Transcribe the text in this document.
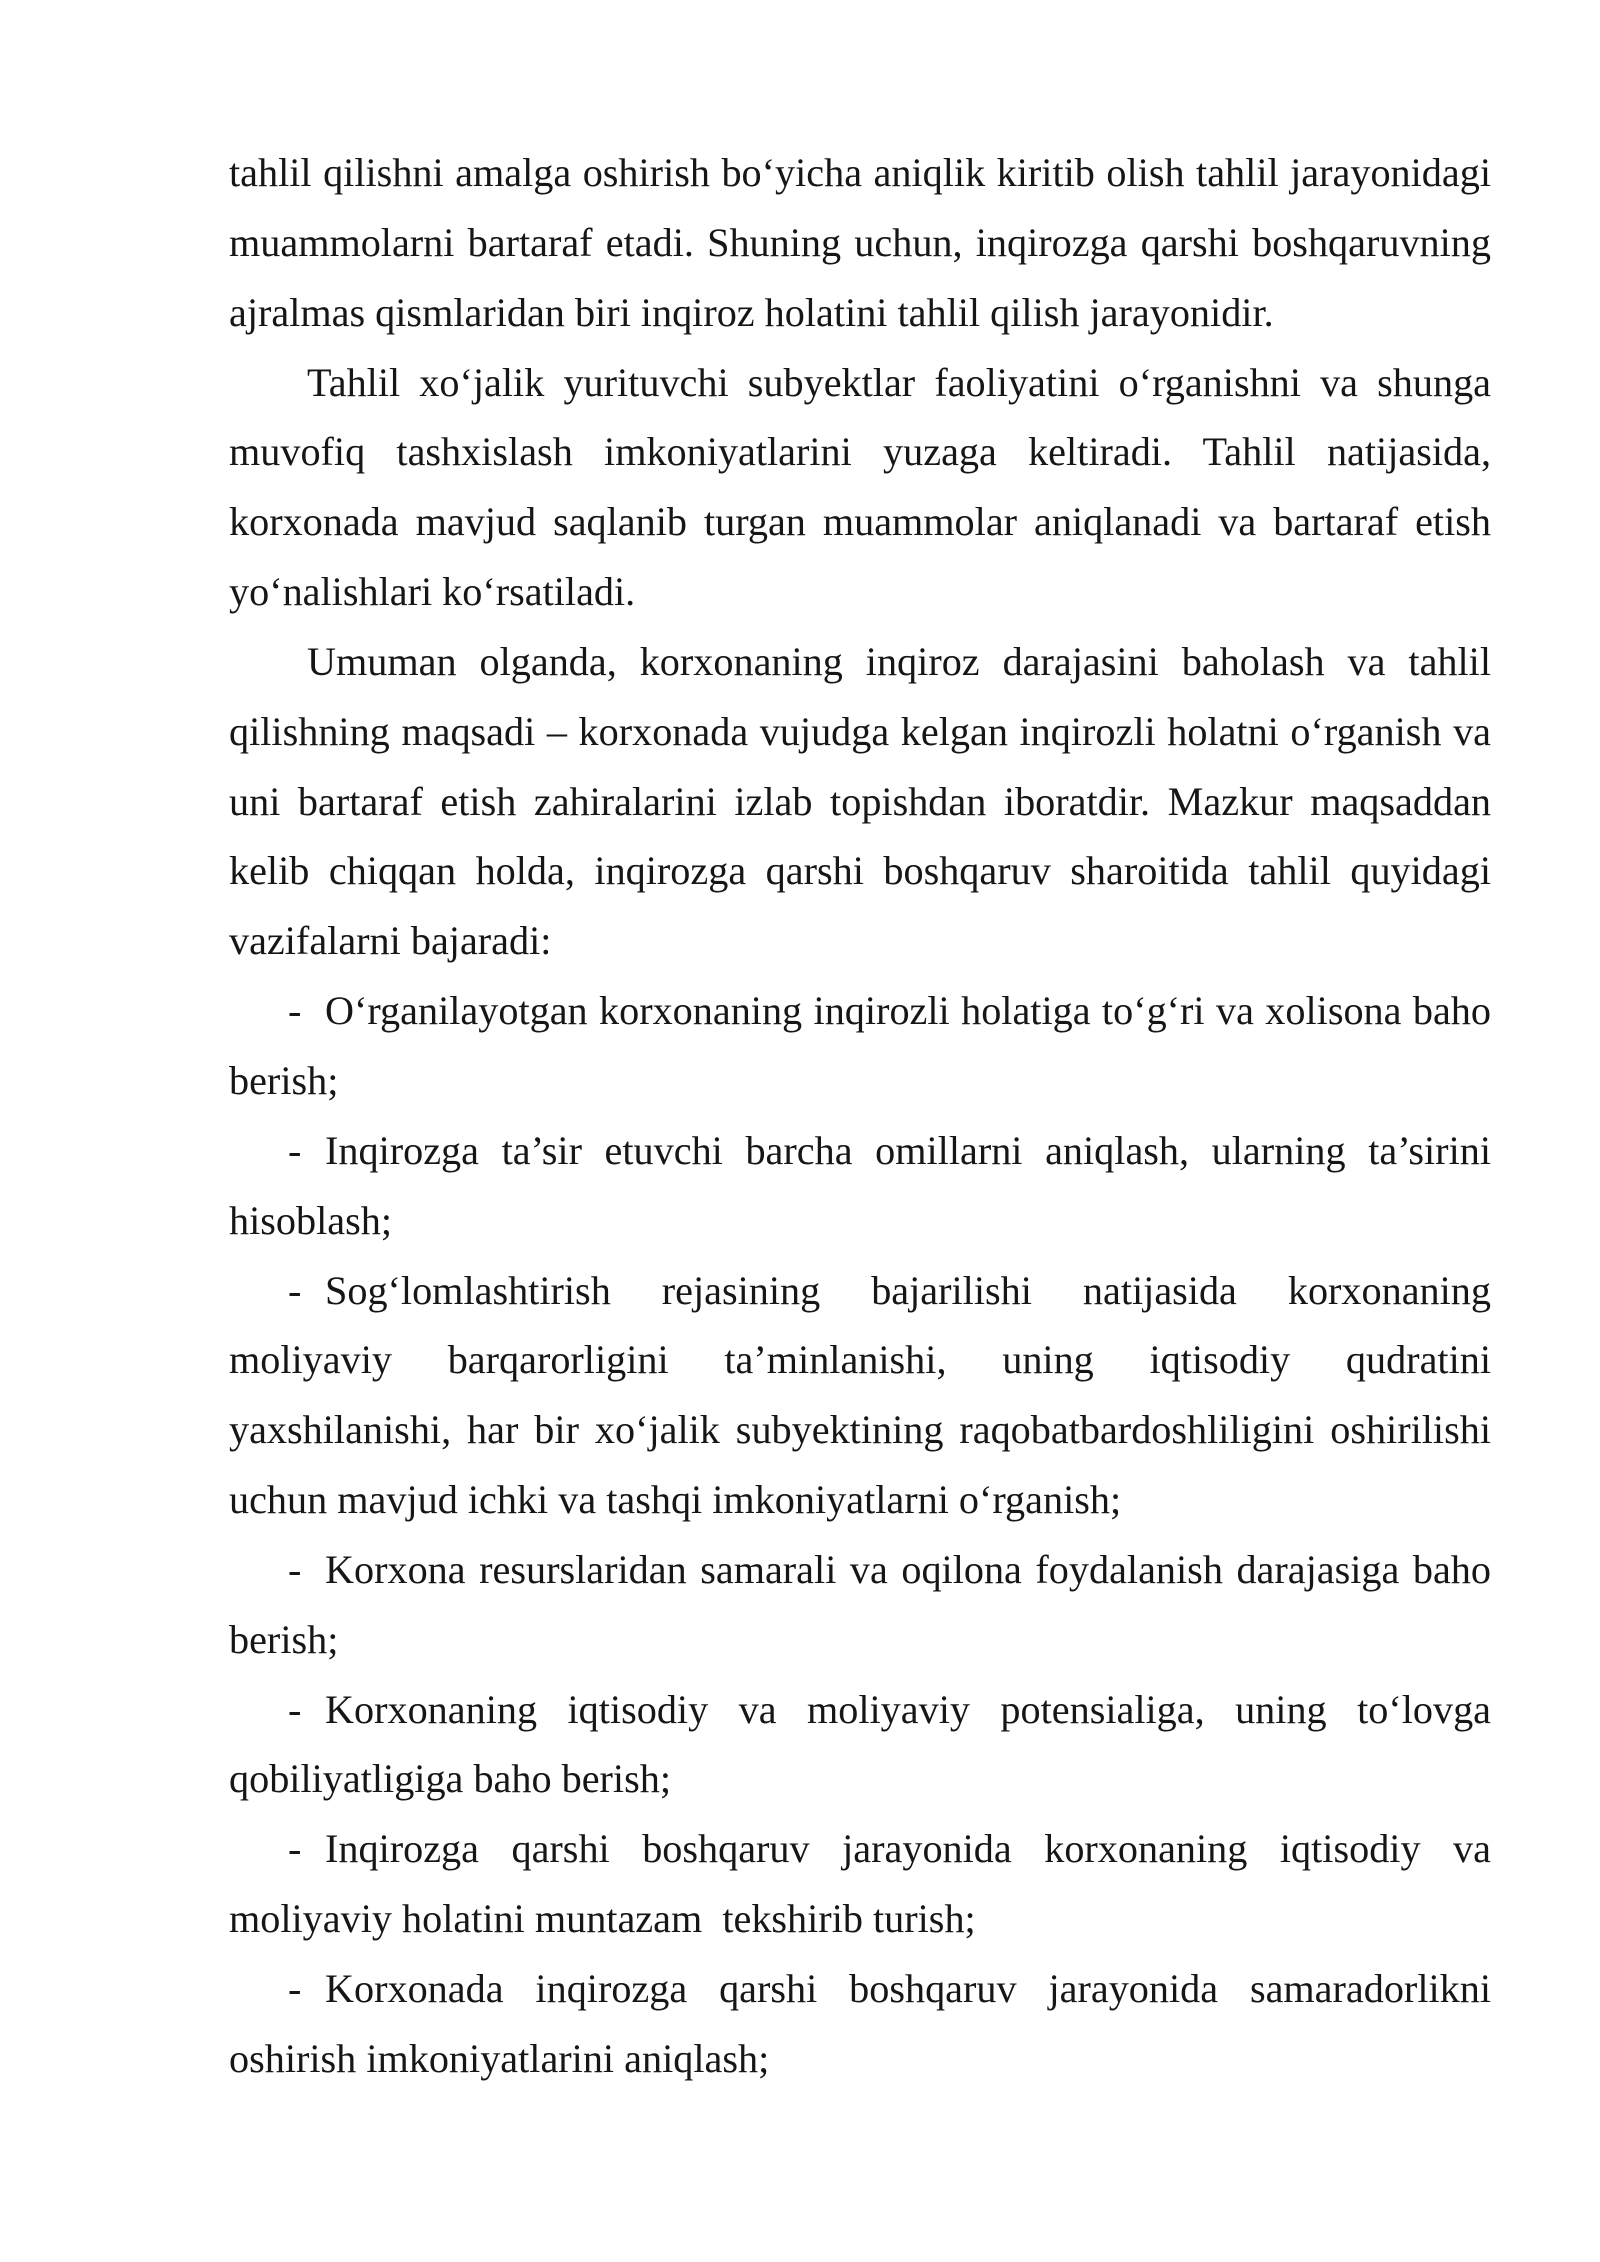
tahlil qilishni amalga oshirish bo‘yicha aniqlik kiritib olish tahlil jarayonidagi
muammolarni bartaraf etadi. Shuning uchun, inqirozga qarshi boshqaruvning
ajralmas qismlaridan biri inqiroz holatini tahlil qilish jarayonidir.
Tahlil xo‘jalik yurituvchi subyektlar faoliyatini o‘rganishni va shunga
muvofiq tashxislash imkoniyatlarini yuzaga keltiradi. Tahlil natijasida,
korxonada mavjud saqlanib turgan muammolar aniqlanadi va bartaraf etish
yo‘nalishlari ko‘rsatiladi.
Umuman olganda, korxonaning inqiroz darajasini baholash va tahlil
qilishning maqsadi – korxonada vujudga kelgan inqirozli holatni o‘rganish va
uni bartaraf etish zahiralarini izlab topishdan iboratdir. Mazkur maqsaddan
kelib chiqqan holda, inqirozga qarshi boshqaruv sharoitida tahlil quyidagi
vazifalarni bajaradi:
- O‘rganilayotgan korxonaning inqirozli holatiga to‘g‘ri va xolisona baho
berish;
- Inqirozga ta’sir etuvchi barcha omillarni aniqlash, ularning ta’sirini
hisoblash;
- Sog‘lomlashtirish rejasining bajarilishi natijasida korxonaning
moliyaviy barqarorligini ta’minlanishi, uning iqtisodiy qudratini
yaxshilanishi, har bir xo‘jalik subyektining raqobatbardoshliligini oshirilishi
uchun mavjud ichki va tashqi imkoniyatlarni o‘rganish;
- Korxona resurslaridan samarali va oqilona foydalanish darajasiga baho
berish;
- Korxonaning iqtisodiy va moliyaviy potensialiga, uning to‘lovga
qobiliyatligiga baho berish;
- Inqirozga qarshi boshqaruv jarayonida korxonaning iqtisodiy va
moliyaviy holatini muntazam  tekshirib turish;
- Korxonada inqirozga qarshi boshqaruv jarayonida samaradorlikni
oshirish imkoniyatlarini aniqlash;
